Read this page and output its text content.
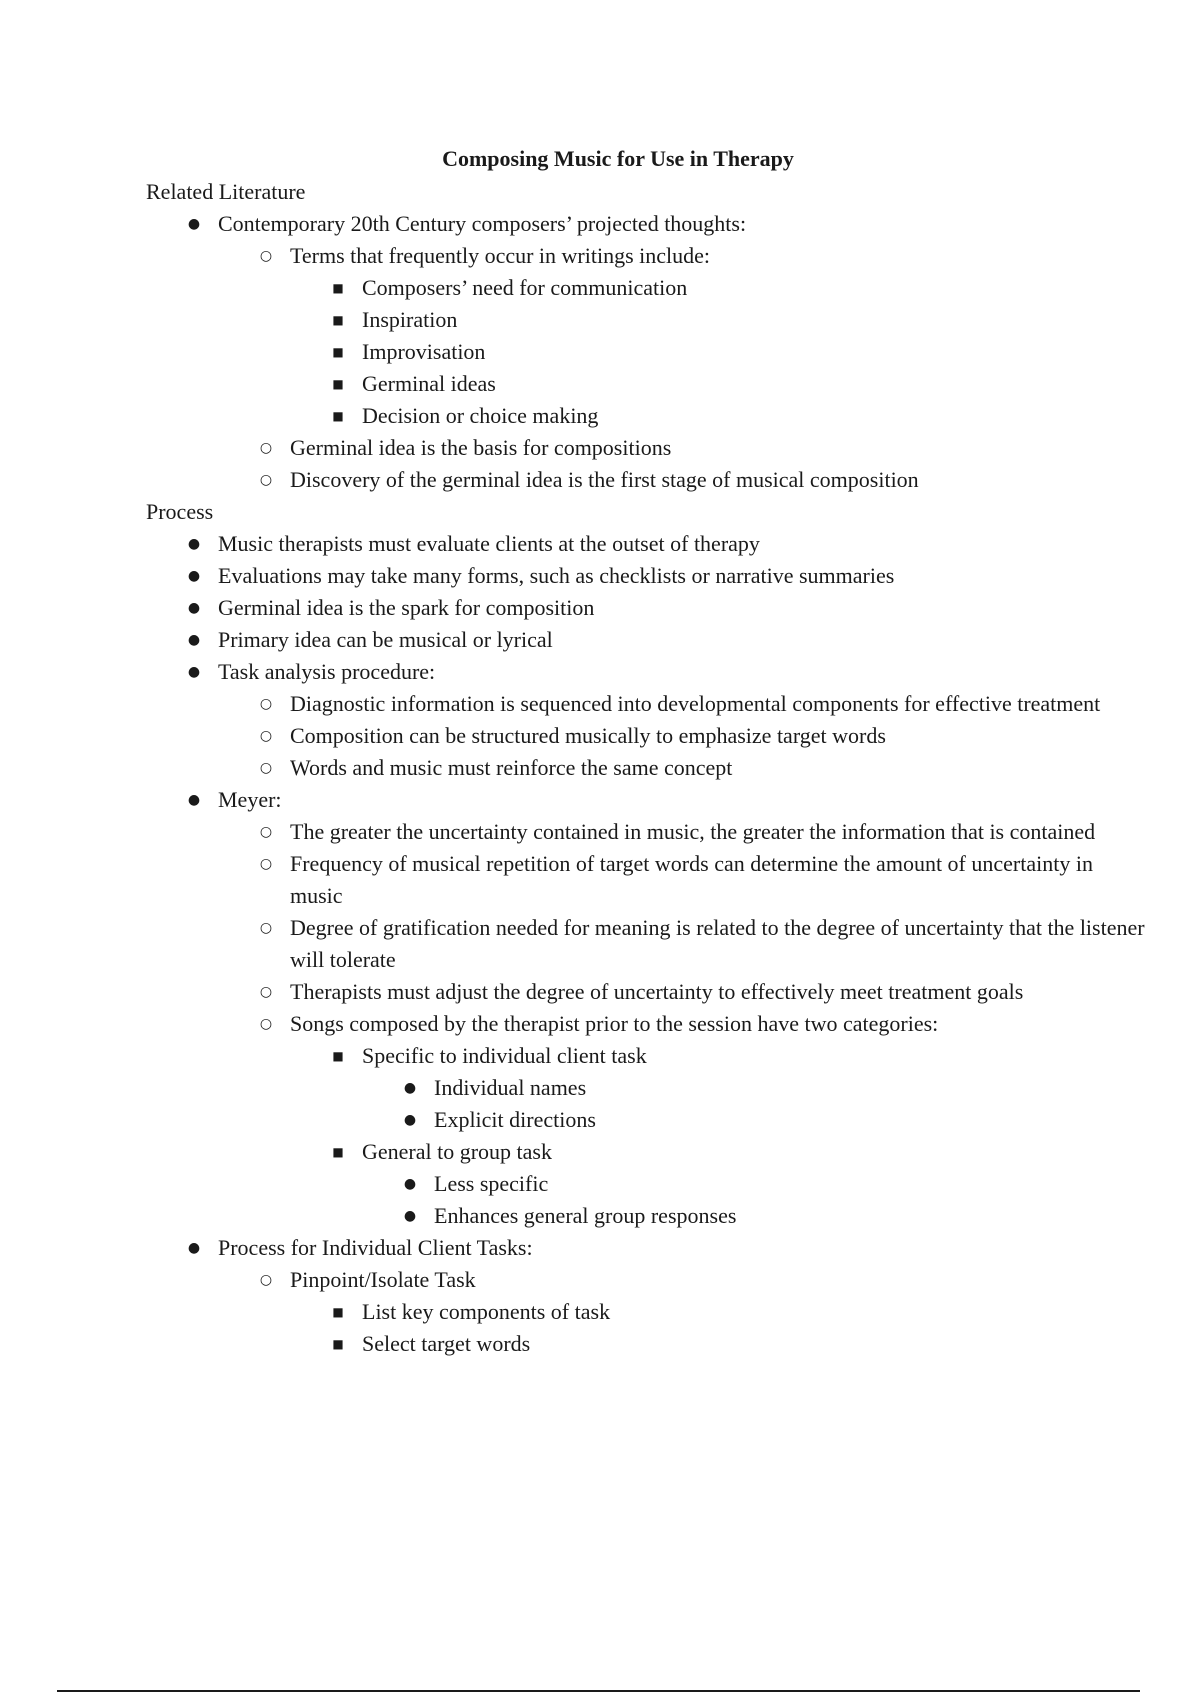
Composing Music for Use in Therapy

Related Literature

●
Contemporary 20th Century composers’ projected thoughts:
○
Terms that frequently occur in writings include:
■
Composers’ need for communication
■
Inspiration
■
Improvisation
■
Germinal ideas
■
Decision or choice making
○
Germinal idea is the basis for compositions
○
Discovery of the germinal idea is the first stage of musical composition

Process

●
Music therapists must evaluate clients at the outset of therapy
●
Evaluations may take many forms, such as checklists or narrative summaries
●
Germinal idea is the spark for composition
●
Primary idea can be musical or lyrical
●
Task analysis procedure:
○
Diagnostic information is sequenced into developmental components for effective treatment
○
Composition can be structured musically to emphasize target words
○
Words and music must reinforce the same concept
●
Meyer:
○
The greater the uncertainty contained in music, the greater the information that is contained
○
Frequency of musical repetition of target words can determine the amount of uncertainty in music
○
Degree of gratification needed for meaning is related to the degree of uncertainty that the listener will tolerate
○
Therapists must adjust the degree of uncertainty to effectively meet treatment goals
○
Songs composed by the therapist prior to the session have two categories:
■
Specific to individual client task
●
Individual names
●
Explicit directions
■
General to group task
●
Less specific
●
Enhances general group responses
●
Process for Individual Client Tasks:
○
Pinpoint/Isolate Task
■
List key components of task
■
Select target words
